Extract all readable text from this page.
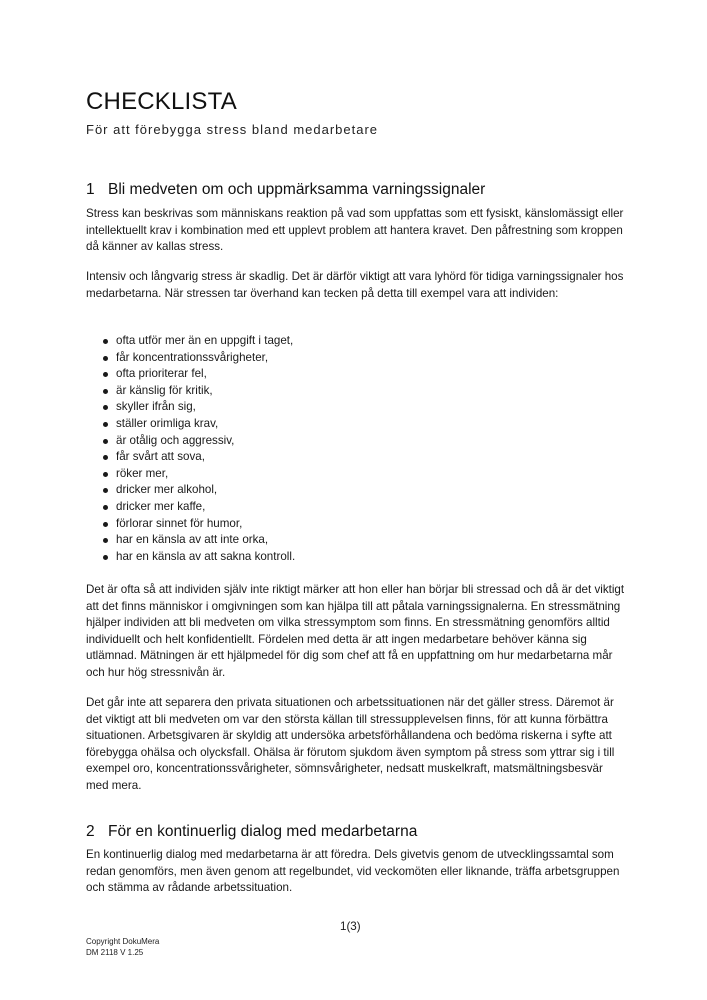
CHECKLISTA
För att förebygga stress bland medarbetare
1 Bli medveten om och uppmärksamma varningssignaler

Stress kan beskrivas som människans reaktion på vad som uppfattas som ett fysiskt, känslomässigt eller intellektuellt krav i kombination med ett upplevt problem att hantera kravet. Den påfrestning som kroppen då känner av kallas stress.

Intensiv och långvarig stress är skadlig. Det är därför viktigt att vara lyhörd för tidiga varningssignaler hos medarbetarna. När stressen tar överhand kan tecken på detta till exempel vara att individen:

ofta utför mer än en uppgift i taget,
får koncentrationssvårigheter,
ofta prioriterar fel,
är känslig för kritik,
skyller ifrån sig,
ställer orimliga krav,
är otålig och aggressiv,
får svårt att sova,
röker mer,
dricker mer alkohol,
dricker mer kaffe,
förlorar sinnet för humor,
har en känsla av att inte orka,
har en känsla av att sakna kontroll.

Det är ofta så att individen själv inte riktigt märker att hon eller han börjar bli stressad och då är det viktigt att det finns människor i omgivningen som kan hjälpa till att påtala varningssignalerna. En stressmätning hjälper individen att bli medveten om vilka stressymptom som finns. En stressmätning genomförs alltid individuellt och helt konfidentiellt. Fördelen med detta är att ingen medarbetare behöver känna sig utlämnad. Mätningen är ett hjälpmedel för dig som chef att få en uppfattning om hur medarbetarna mår och hur hög stressnivån är.

Det går inte att separera den privata situationen och arbetssituationen när det gäller stress. Däremot är det viktigt att bli medveten om var den största källan till stressupplevelsen finns, för att kunna förbättra situationen. Arbetsgivaren är skyldig att undersöka arbetsförhållandena och bedöma riskerna i syfte att förebygga ohälsa och olycksfall. Ohälsa är förutom sjukdom även symptom på stress som yttrar sig i till exempel oro, koncentrationssvårigheter, sömnsvårigheter, nedsatt muskelkraft, matsmältningsbesvär med mera.

2 För en kontinuerlig dialog med medarbetarna

En kontinuerlig dialog med medarbetarna är att föredra. Dels givetvis genom de utvecklingssamtal som redan genomförs, men även genom att regelbundet, vid veckomöten eller liknande, träffa arbetsgruppen och stämma av rådande arbetssituation.

1(3)
Copyright DokuMera
DM 2118 V 1.25
